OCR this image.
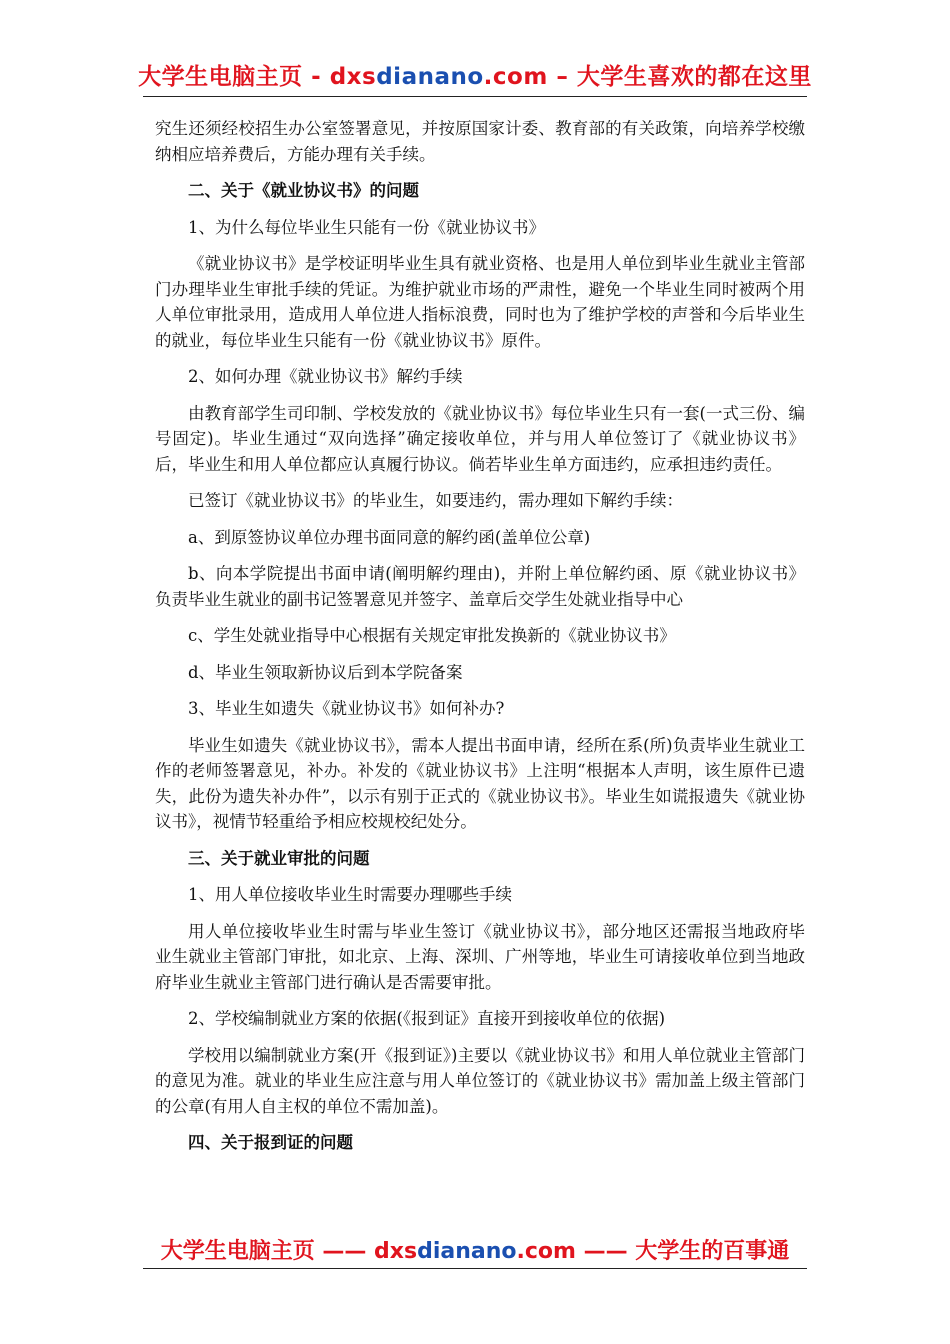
大学生电脑主页 - dxsdianano.com – 大学生喜欢的都在这里

究生还须经校招生办公室签署意见，并按原国家计委、教育部的有关政策，向培养学校缴纳相应培养费后，方能办理有关手续。

二、关于《就业协议书》的问题

1、为什么每位毕业生只能有一份《就业协议书》

《就业协议书》是学校证明毕业生具有就业资格、也是用人单位到毕业生就业主管部门办理毕业生审批手续的凭证。为维护就业市场的严肃性，避免一个毕业生同时被两个用人单位审批录用，造成用人单位进人指标浪费，同时也为了维护学校的声誉和今后毕业生的就业，每位毕业生只能有一份《就业协议书》原件。

2、如何办理《就业协议书》解约手续

由教育部学生司印制、学校发放的《就业协议书》每位毕业生只有一套(一式三份、编号固定)。毕业生通过“双向选择”确定接收单位，并与用人单位签订了《就业协议书》后，毕业生和用人单位都应认真履行协议。倘若毕业生单方面违约，应承担违约责任。

已签订《就业协议书》的毕业生，如要违约，需办理如下解约手续：

a、到原签协议单位办理书面同意的解约函(盖单位公章)

b、向本学院提出书面申请(阐明解约理由)，并附上单位解约函、原《就业协议书》负责毕业生就业的副书记签署意见并签字、盖章后交学生处就业指导中心

c、学生处就业指导中心根据有关规定审批发换新的《就业协议书》

d、毕业生领取新协议后到本学院备案

3、毕业生如遗失《就业协议书》如何补办?

毕业生如遗失《就业协议书》，需本人提出书面申请，经所在系(所)负责毕业生就业工作的老师签署意见，补办。补发的《就业协议书》上注明“根据本人声明，该生原件已遗失，此份为遗失补办件”，以示有别于正式的《就业协议书》。毕业生如谎报遗失《就业协议书》，视情节轻重给予相应校规校纪处分。

三、关于就业审批的问题

1、用人单位接收毕业生时需要办理哪些手续

用人单位接收毕业生时需与毕业生签订《就业协议书》，部分地区还需报当地政府毕业生就业主管部门审批，如北京、上海、深圳、广州等地，毕业生可请接收单位到当地政府毕业生就业主管部门进行确认是否需要审批。

2、学校编制就业方案的依据(《报到证》直接开到接收单位的依据)

学校用以编制就业方案(开《报到证》)主要以《就业协议书》和用人单位就业主管部门的意见为准。就业的毕业生应注意与用人单位签订的《就业协议书》需加盖上级主管部门的公章(有用人自主权的单位不需加盖)。

四、关于报到证的问题

大学生电脑主页 —— dxsdianano.com —— 大学生的百事通
